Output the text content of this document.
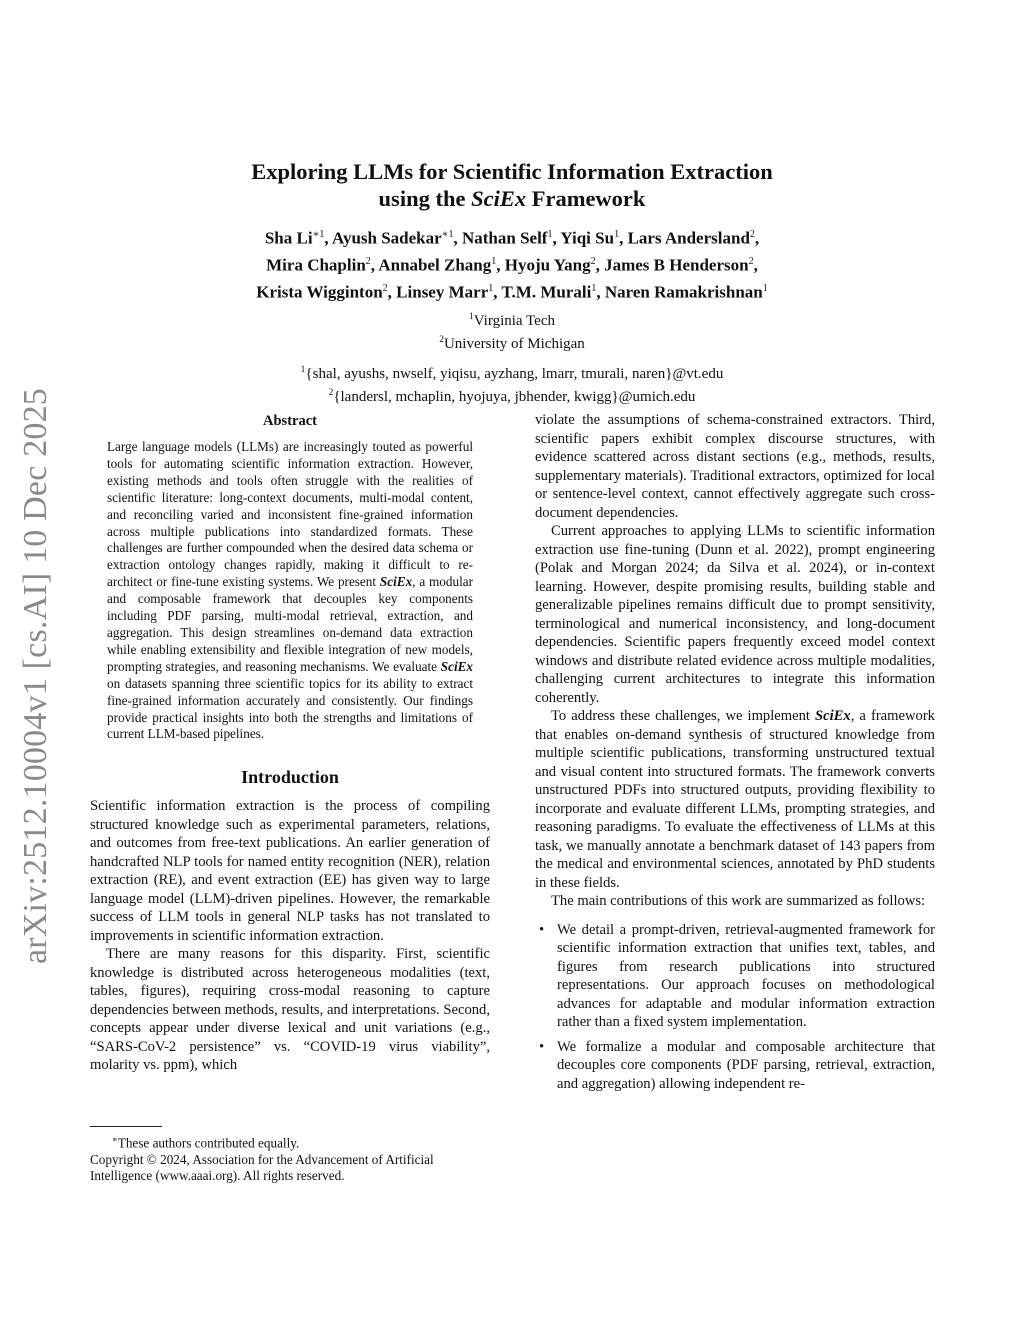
arXiv:2512.10004v1 [cs.AI] 10 Dec 2025
Exploring LLMs for Scientific Information Extraction
using the SciEx Framework
Sha $Li^{∗1}$, Ayush Sadekar$^{∗1}$, Nathan Self$^1$, Yiqi Su$^1$, Lars Andersland$^2$,
Mira Chaplin$^2$, Annabel Zhang$^1$, Hyoju Yang$^2$, James B Henderson$^2$,
Krista Wigginton$^2$, Linsey Marr$^1$, T.M. Murali$^1$, Naren Ramakrishnan$^1$
$^1$Virginia Tech
$^2$University of Michigan
$^1${shal, ayushs, nwself, yiqisu, ayzhang, lmarr, tmurali, naren}@vt.edu
$^2${landersl, mchaplin, hyojuya, jbhender, kwigg}@umich.edu
Abstract

Large language models (LLMs) are increasingly touted as powerful tools for automating scientific information extraction. However, existing methods and tools often struggle with the realities of scientific literature: long-context documents, multi-modal content, and reconciling varied and inconsistent fine-grained information across multiple publications into standardized formats. These challenges are further compounded when the desired data schema or extraction ontology changes rapidly, making it difficult to re-architect or fine-tune existing systems. We present SciEx, a modular and composable framework that decouples key components including PDF parsing, multi-modal retrieval, extraction, and aggregation. This design streamlines on-demand data extraction while enabling extensibility and flexible integration of new models, prompting strategies, and reasoning mechanisms. We evaluate SciEx on datasets spanning three scientific topics for its ability to extract fine-grained information accurately and consistently. Our findings provide practical insights into both the strengths and limitations of current LLM-based pipelines.

Introduction

Scientific information extraction is the process of compiling structured knowledge such as experimental parameters, relations, and outcomes from free-text publications. An earlier generation of handcrafted NLP tools for named entity recognition (NER), relation extraction (RE), and event extraction (EE) has given way to large language model (LLM)-driven pipelines. However, the remarkable success of LLM tools in general NLP tasks has not translated to improvements in scientific information extraction.

There are many reasons for this disparity. First, scientific knowledge is distributed across heterogeneous modalities (text, tables, figures), requiring cross-modal reasoning to capture dependencies between methods, results, and interpretations. Second, concepts appear under diverse lexical and unit variations (e.g., “SARS-CoV-2 persistence” vs. “COVID-19 virus viability”, molarity vs. ppm), which

∗These authors contributed equally.
Copyright © 2024, Association for the Advancement of Artificial Intelligence (www.aaai.org). All rights reserved.

violate the assumptions of schema-constrained extractors. Third, scientific papers exhibit complex discourse structures, with evidence scattered across distant sections (e.g., methods, results, supplementary materials). Traditional extractors, optimized for local or sentence-level context, cannot effectively aggregate such cross-document dependencies.

Current approaches to applying LLMs to scientific information extraction use fine-tuning (Dunn et al. 2022), prompt engineering (Polak and Morgan 2024; da Silva et al. 2024), or in-context learning. However, despite promising results, building stable and generalizable pipelines remains difficult due to prompt sensitivity, terminological and numerical inconsistency, and long-document dependencies. Scientific papers frequently exceed model context windows and distribute related evidence across multiple modalities, challenging current architectures to integrate this information coherently.

To address these challenges, we implement SciEx, a framework that enables on-demand synthesis of structured knowledge from multiple scientific publications, transforming unstructured textual and visual content into structured formats. The framework converts unstructured PDFs into structured outputs, providing flexibility to incorporate and evaluate different LLMs, prompting strategies, and reasoning paradigms. To evaluate the effectiveness of LLMs at this task, we manually annotate a benchmark dataset of 143 papers from the medical and environmental sciences, annotated by PhD students in these fields.

The main contributions of this work are summarized as follows:

• We detail a prompt-driven, retrieval-augmented framework for scientific information extraction that unifies text, tables, and figures from research publications into structured representations. Our approach focuses on methodological advances for adaptable and modular information extraction rather than a fixed system implementation.
• We formalize a modular and composable architecture that decouples core components (PDF parsing, retrieval, extraction, and aggregation) allowing independent re-
